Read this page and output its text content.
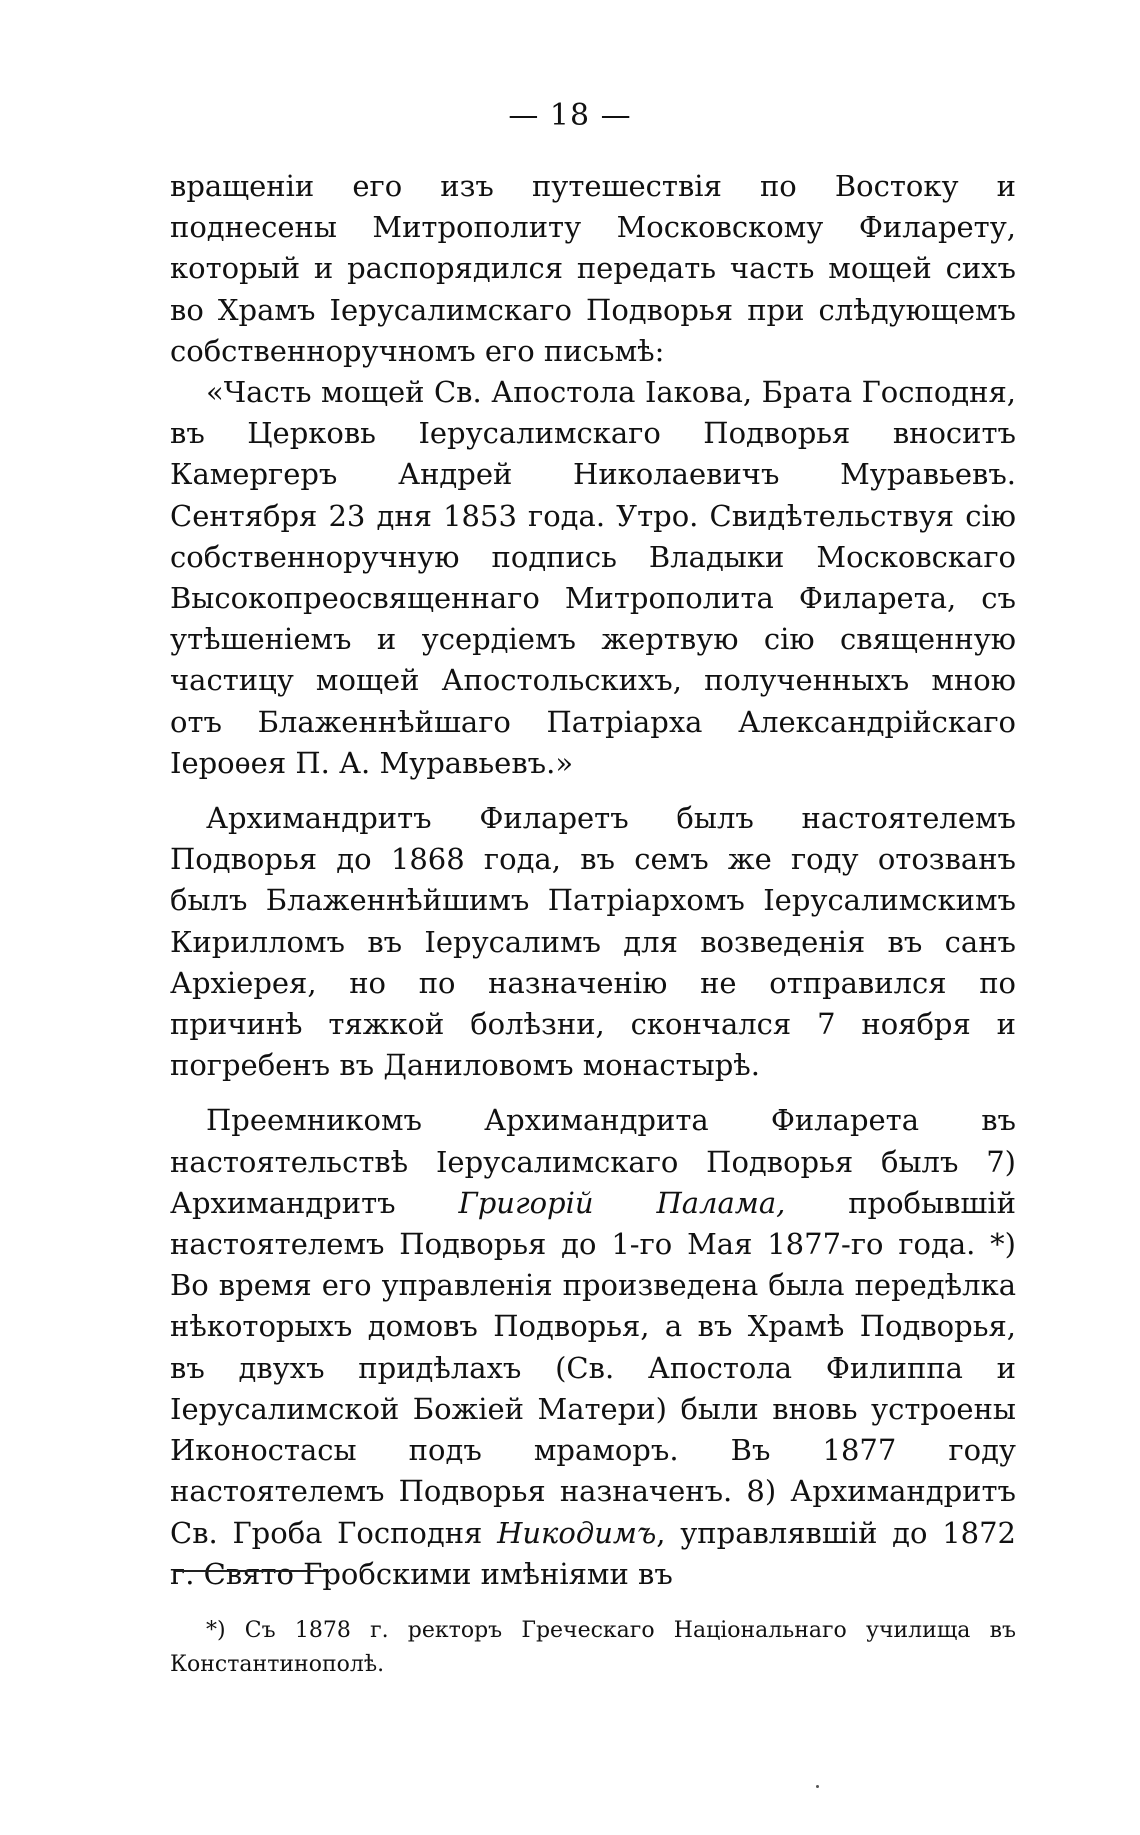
— 18 —

вращеніи его изъ путешествія по Востоку и поднесены Митрополиту Московскому Филарету, который и распорядился передать часть мощей сихъ во Храмъ Іерусалимскаго Подворья при слѣдующемъ собственноручномъ его письмѣ:

«Часть мощей Св. Апостола Іакова, Брата Господня, въ Церковь Іерусалимскаго Подворья вноситъ Камергеръ Андрей Николаевичъ Муравьевъ. Сентября 23 дня 1853 года. Утро. Свидѣтельствуя сію собственноручную подпись Владыки Московскаго Высокопреосвященнаго Митрополита Филарета, съ утѣшеніемъ и усердіемъ жертвую сію священную частицу мощей Апостольскихъ, полученныхъ мною отъ Блаженнѣйшаго Патріарха Александрійскаго Іероѳея П. А. Муравьевъ.»

Архимандритъ Филаретъ былъ настоятелемъ Подворья до 1868 года, въ семъ же году отозванъ былъ Блаженнѣйшимъ Патріархомъ Іерусалимскимъ Кирилломъ въ Іерусалимъ для возведенія въ санъ Архіерея, но по назначенію не отправился по причинѣ тяжкой болѣзни, скончался 7 ноября и погребенъ въ Даниловомъ монастырѣ.

Преемникомъ Архимандрита Филарета въ настоятельствѣ Іерусалимскаго Подворья былъ 7) Архимандритъ Григорій Палама, пробывшій настоятелемъ Подворья до 1-го Мая 1877-го года. *) Во время его управленія произведена была передѣлка нѣкоторыхъ домовъ Подворья, а въ Храмѣ Подворья, въ двухъ придѣлахъ (Св. Апостола Филиппа и Іерусалимской Божіей Матери) были вновь устроены Иконостасы подъ мраморъ. Въ 1877 году настоятелемъ Подворья назначенъ. 8) Архимандритъ Св. Гроба Господня Никодимъ, управлявшій до 1872 г. Свято Гробскими имѣніями въ

*) Съ 1878 г. ректоръ Греческаго Національнаго училища въ Константинополѣ.
